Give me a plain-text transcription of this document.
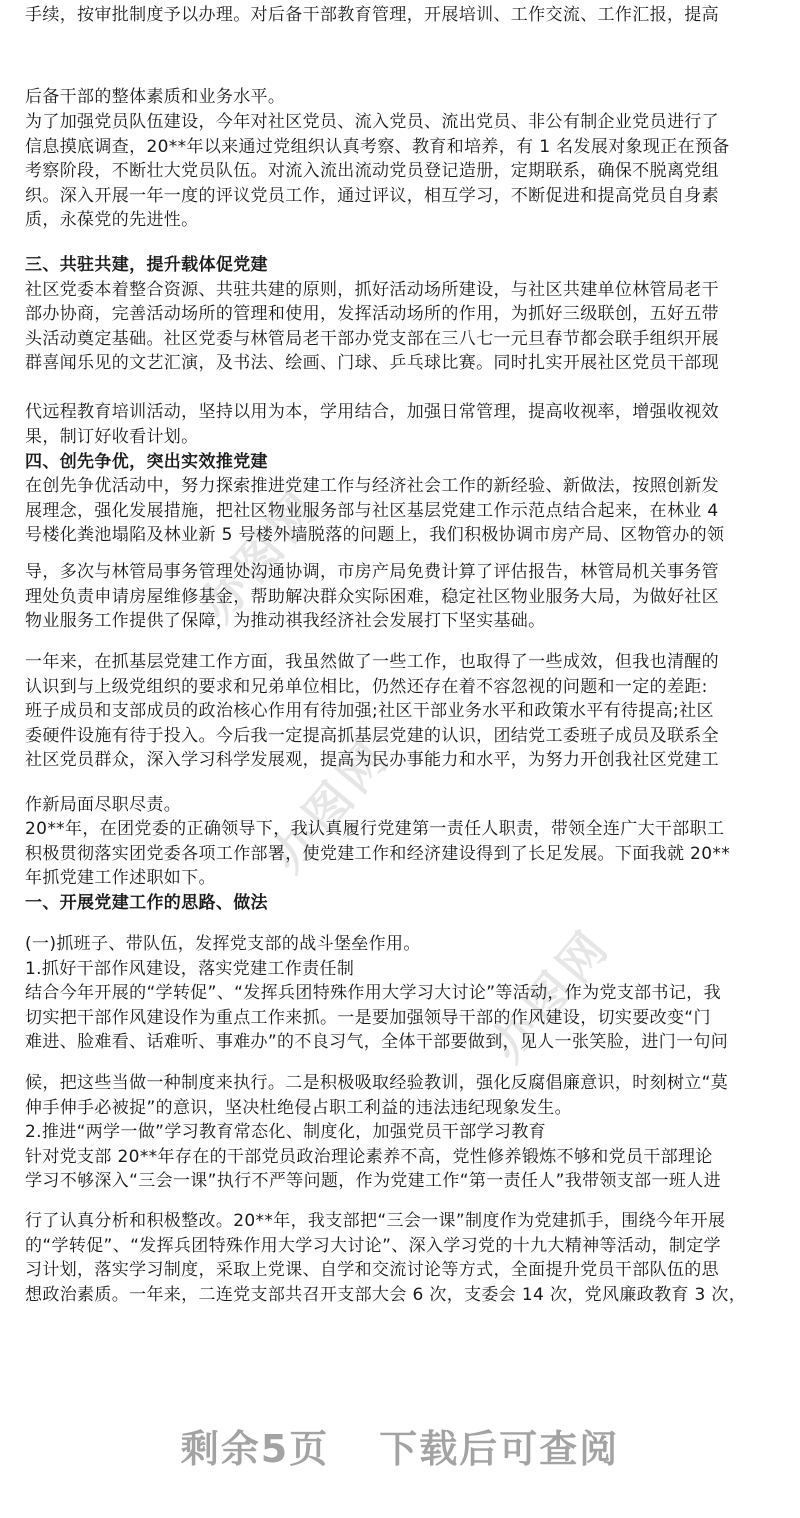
办图网
办图网
办图网
手续，按审批制度予以办理。对后备干部教育管理，开展培训、工作交流、工作汇报，提高
后备干部的整体素质和业务水平。
为了加强党员队伍建设，今年对社区党员、流入党员、流出党员、非公有制企业党员进行了
信息摸底调查，20**年以来通过党组织认真考察、教育和培养，有 1 名发展对象现正在预备
考察阶段，不断壮大党员队伍。对流入流出流动党员登记造册，定期联系，确保不脱离党组
织。深入开展一年一度的评议党员工作，通过评议，相互学习，不断促进和提高党员自身素
质，永葆党的先进性。
三、共驻共建，提升载体促党建
社区党委本着整合资源、共驻共建的原则，抓好活动场所建设，与社区共建单位林管局老干
部办协商，完善活动场所的管理和使用，发挥活动场所的作用，为抓好三级联创，五好五带
头活动奠定基础。社区党委与林管局老干部办党支部在三八七一元旦春节都会联手组织开展
群喜闻乐见的文艺汇演，及书法、绘画、门球、乒乓球比赛。同时扎实开展社区党员干部现
代远程教育培训活动，坚持以用为本，学用结合，加强日常管理，提高收视率，增强收视效
果，制订好收看计划。
四、创先争优，突出实效推党建
在创先争优活动中，努力探索推进党建工作与经济社会工作的新经验、新做法，按照创新发
展理念，强化发展措施，把社区物业服务部与社区基层党建工作示范点结合起来，在林业 4
号楼化粪池塌陷及林业新 5 号楼外墙脱落的问题上，我们积极协调市房产局、区物管办的领
导，多次与林管局事务管理处沟通协调，市房产局免费计算了评估报告，林管局机关事务管
理处负责申请房屋维修基金，帮助解决群众实际困难，稳定社区物业服务大局，为做好社区
物业服务工作提供了保障，为推动祺我经济社会发展打下坚实基础。
一年来，在抓基层党建工作方面，我虽然做了一些工作，也取得了一些成效，但我也清醒的
认识到与上级党组织的要求和兄弟单位相比，仍然还存在着不容忽视的问题和一定的差距:
班子成员和支部成员的政治核心作用有待加强;社区干部业务水平和政策水平有待提高;社区
委硬件设施有待于投入。今后我一定提高抓基层党建的认识，团结党工委班子成员及联系全
社区党员群众，深入学习科学发展观，提高为民办事能力和水平，为努力开创我社区党建工
作新局面尽职尽责。
20**年，在团党委的正确领导下，我认真履行党建第一责任人职责，带领全连广大干部职工
积极贯彻落实团党委各项工作部署，使党建工作和经济建设得到了长足发展。下面我就 20**
年抓党建工作述职如下。
一、开展党建工作的思路、做法
(一)抓班子、带队伍，发挥党支部的战斗堡垒作用。
1.抓好干部作风建设，落实党建工作责任制
结合今年开展的“学转促”、“发挥兵团特殊作用大学习大讨论”等活动，作为党支部书记，我
切实把干部作风建设作为重点工作来抓。一是要加强领导干部的作风建设，切实要改变“门
难进、脸难看、话难听、事难办”的不良习气，全体干部要做到，见人一张笑脸，进门一句问
候，把这些当做一种制度来执行。二是积极吸取经验教训，强化反腐倡廉意识，时刻树立“莫
伸手伸手必被捉”的意识，坚决杜绝侵占职工利益的违法违纪现象发生。
2.推进“两学一做”学习教育常态化、制度化，加强党员干部学习教育
针对党支部 20**年存在的干部党员政治理论素养不高，党性修养锻炼不够和党员干部理论
学习不够深入“三会一课”执行不严等问题，作为党建工作“第一责任人”我带领支部一班人进
行了认真分析和积极整改。20**年，我支部把“三会一课”制度作为党建抓手，围绕今年开展
的“学转促”、“发挥兵团特殊作用大学习大讨论”、深入学习党的十九大精神等活动，制定学
习计划，落实学习制度，采取上党课、自学和交流讨论等方式，全面提升党员干部队伍的思
想政治素质。一年来，二连党支部共召开支部大会 6 次，支委会 14 次，党风廉政教育 3 次，
剩余5页 下载后可查阅
